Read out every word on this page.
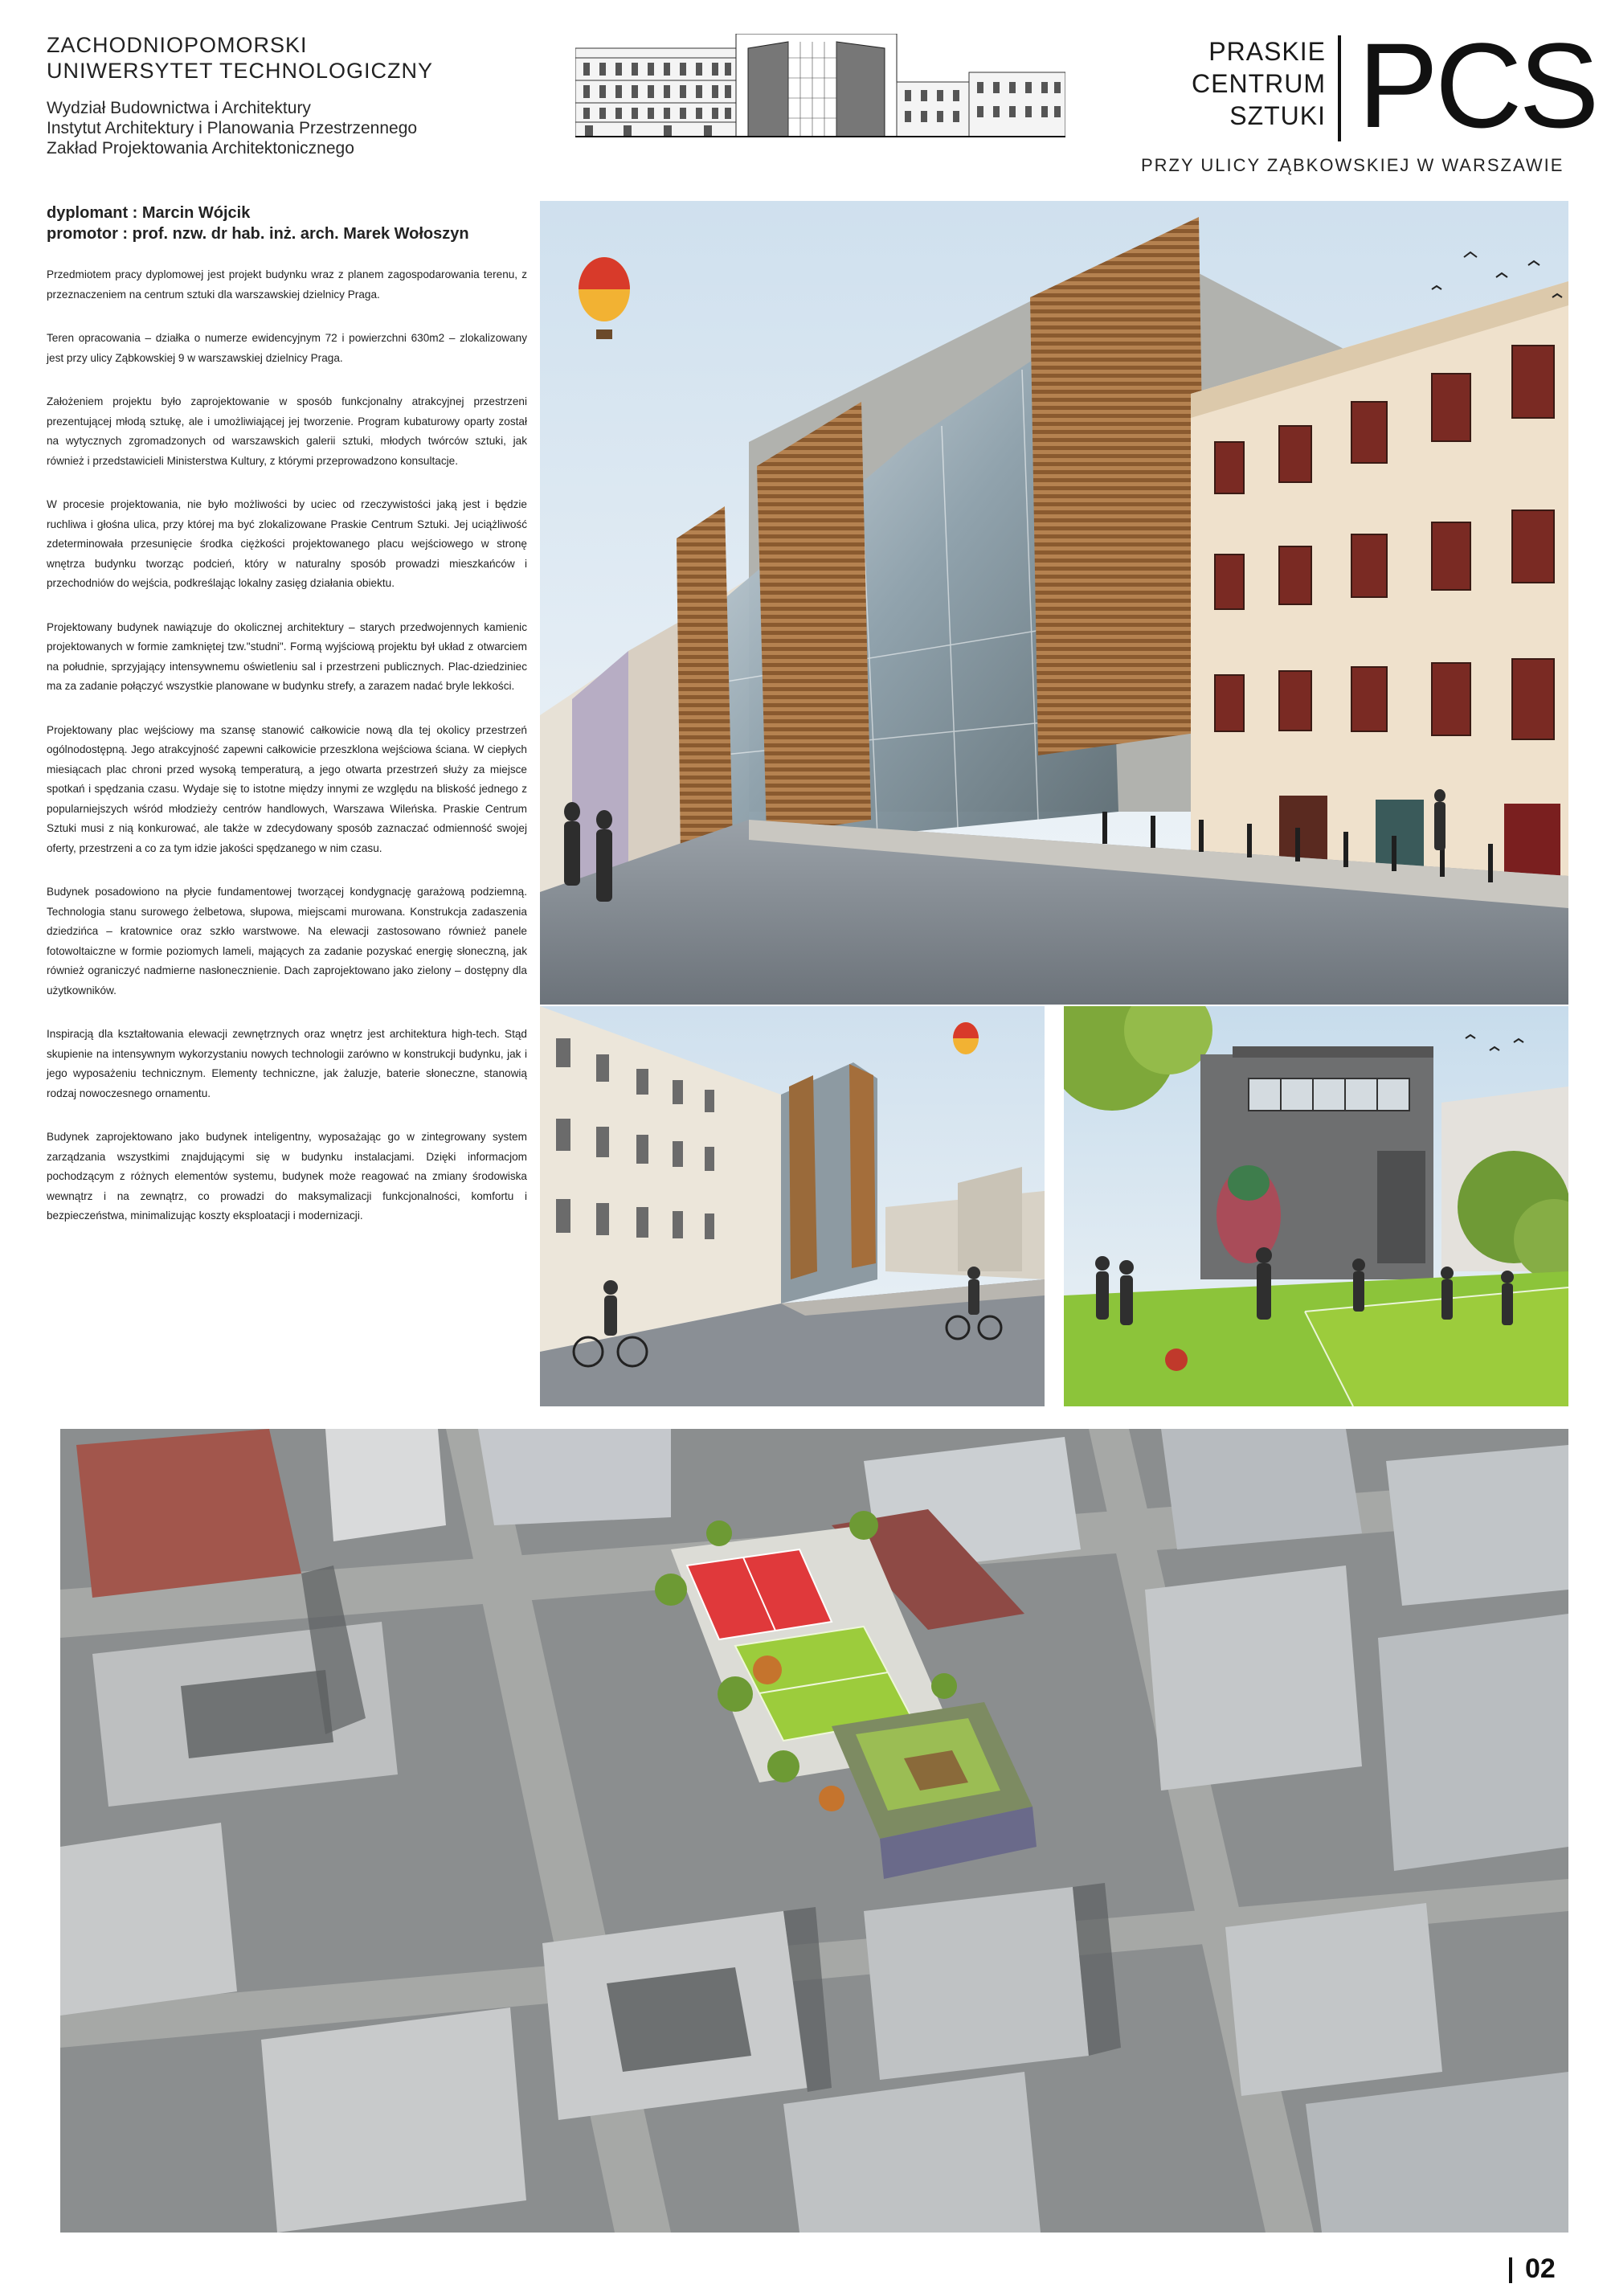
ZACHODNIOPOMORSKI
UNIWERSYTET TECHNOLOGICZNY
Wydział Budownictwa i Architektury
Instytut Architektury i Planowania Przestrzennego
Zakład Projektowania Architektonicznego
PRASKIE
CENTRUM
SZTUKI PCS
PRZY ULICY ZĄBKOWSKIEJ W WARSZAWIE
dyplomant : Marcin Wójcik
promotor : prof. nzw. dr hab. inż. arch. Marek Wołoszyn

Przedmiotem pracy dyplomowej jest projekt budynku wraz z planem zagospodarowania terenu, z przeznaczeniem na centrum sztuki dla warszawskiej dzielnicy Praga.

Teren opracowania – działka o numerze ewidencyjnym 72 i powierzchni 630m2 – zlokalizowany jest przy ulicy Ząbkowskiej 9 w warszawskiej dzielnicy Praga.

Założeniem projektu było zaprojektowanie w sposób funkcjonalny atrakcyjnej przestrzeni prezentującej młodą sztukę, ale i umożliwiającej jej tworzenie. Program kubaturowy oparty został na wytycznych zgromadzonych od warszawskich galerii sztuki, młodych twórców sztuki, jak również i przedstawicieli Ministerstwa Kultury, z którymi przeprowadzono konsultacje.

W procesie projektowania, nie było możliwości by uciec od rzeczywistości jaką jest i będzie ruchliwa i głośna ulica, przy której ma być zlokalizowane Praskie Centrum Sztuki. Jej uciążliwość zdeterminowała przesunięcie środka ciężkości projektowanego placu wejściowego w stronę wnętrza budynku tworząc podcień, który w naturalny sposób prowadzi mieszkańców i przechodniów do wejścia, podkreślając lokalny zasięg działania obiektu.

Projektowany budynek nawiązuje do okolicznej architektury – starych przedwojennych kamienic projektowanych w formie zamkniętej tzw."studni". Formą wyjściową projektu był układ z otwarciem na południe, sprzyjający intensywnemu oświetleniu sal i przestrzeni publicznych. Plac-dziedziniec ma za zadanie połączyć wszystkie planowane w budynku strefy, a zarazem nadać bryle lekkości.

Projektowany plac wejściowy ma szansę stanowić całkowicie nową dla tej okolicy przestrzeń ogólnodostępną. Jego atrakcyjność zapewni całkowicie przeszklona wejściowa ściana. W ciepłych miesiącach plac chroni przed wysoką temperaturą, a jego otwarta przestrzeń służy za miejsce spotkań i spędzania czasu. Wydaje się to istotne między innymi ze względu na bliskość jednego z popularniejszych wśród młodzieży centrów handlowych, Warszawa Wileńska. Praskie Centrum Sztuki musi z nią konkurować, ale także w zdecydowany sposób zaznaczać odmienność swojej oferty, przestrzeni a co za tym idzie jakości spędzanego w nim czasu.

Budynek posadowiono na płycie fundamentowej tworzącej kondygnację garażową podziemną. Technologia stanu surowego żelbetowa, słupowa, miejscami murowana. Konstrukcja zadaszenia dziedzińca – kratownice oraz szkło warstwowe. Na elewacji zastosowano również panele fotowoltaiczne w formie poziomych lameli, mających za zadanie pozyskać energię słoneczną, jak również ograniczyć nadmierne nasłonecznienie. Dach zaprojektowano jako zielony – dostępny dla użytkowników.

Inspiracją dla kształtowania elewacji zewnętrznych oraz wnętrz jest architektura high-tech. Stąd skupienie na intensywnym wykorzystaniu nowych technologii zarówno w konstrukcji budynku, jak i jego wyposażeniu technicznym. Elementy techniczne, jak żaluzje, baterie słoneczne, stanowią rodzaj nowoczesnego ornamentu.

Budynek zaprojektowano jako budynek inteligentny, wyposażając go w zintegrowany system zarządzania wszystkimi znajdującymi się w budynku instalacjami. Dzięki informacjom pochodzącym z różnych elementów systemu, budynek może reagować na zmiany środowiska wewnątrz i na zewnątrz, co prowadzi do maksymalizacji funkcjonalności, komfortu i bezpieczeństwa, minimalizując koszty eksploatacji i modernizacji.

02
